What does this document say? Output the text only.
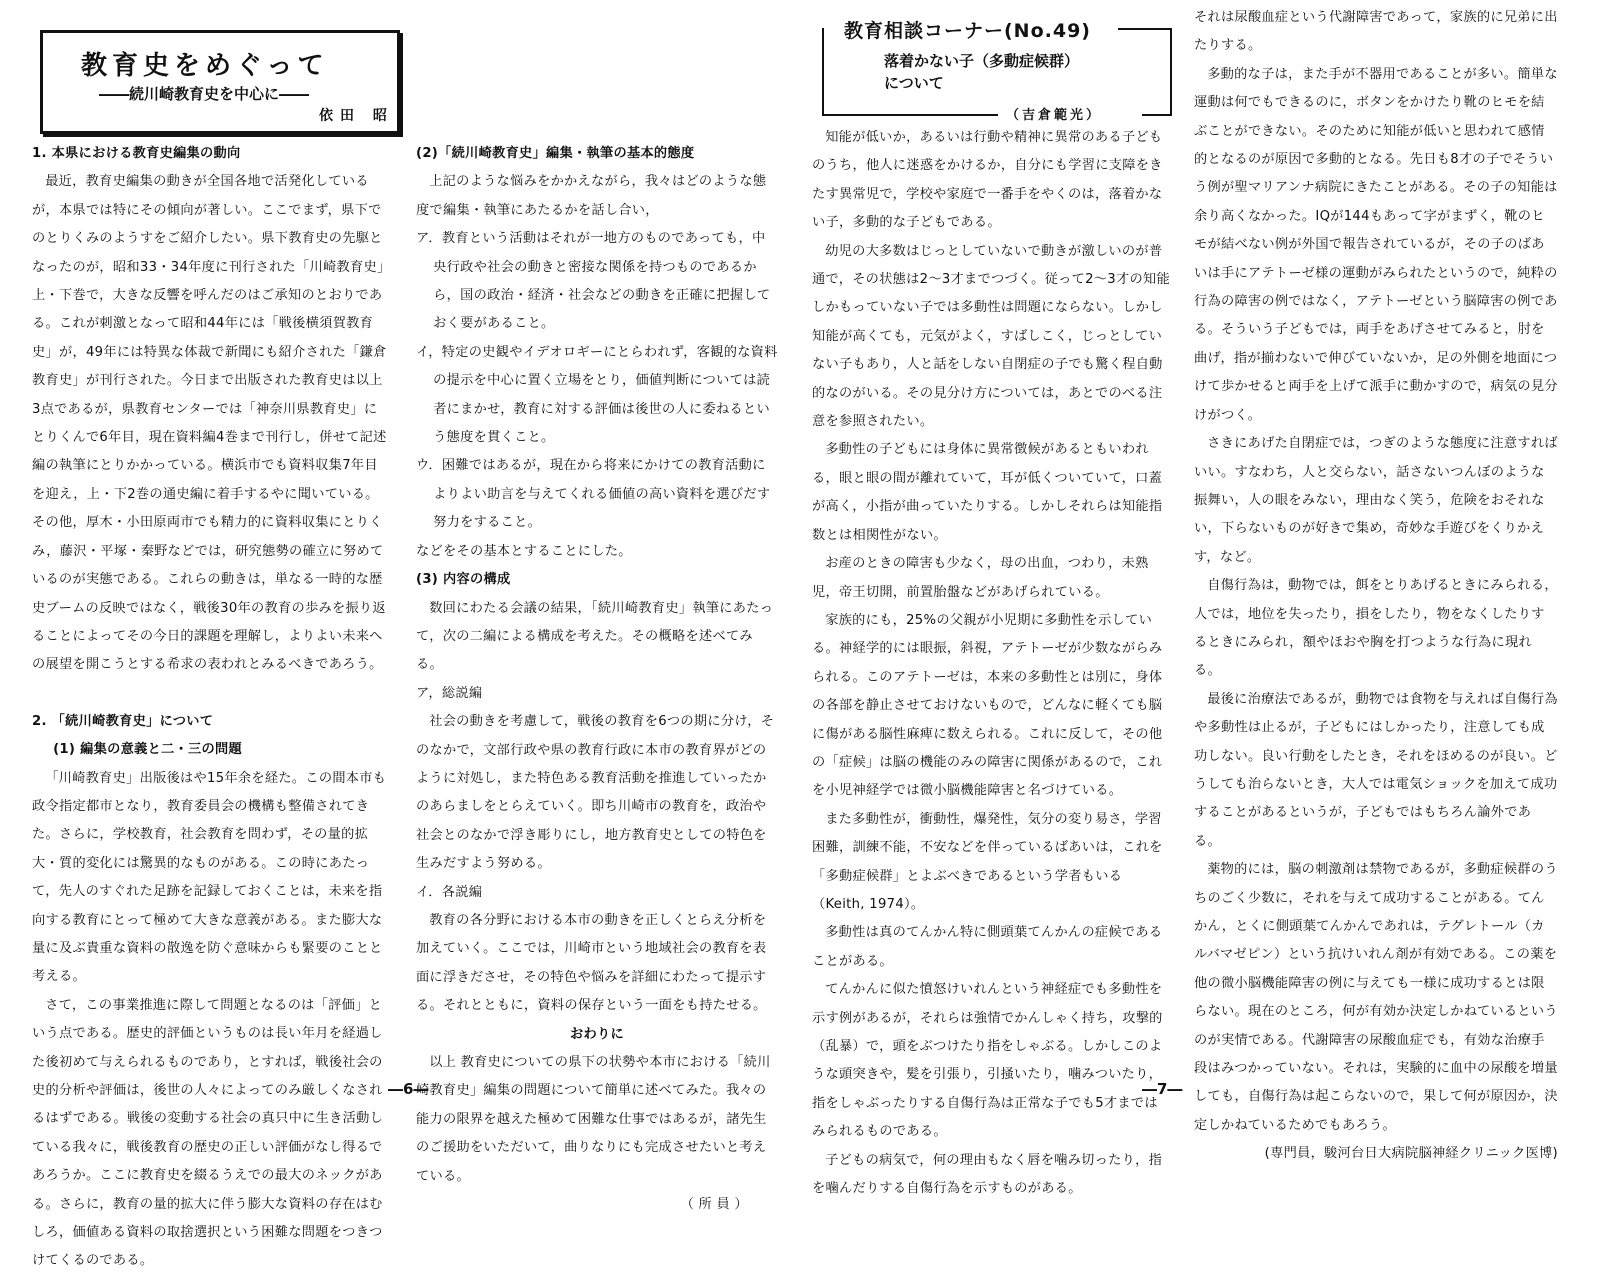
教育史をめぐって
――続川崎教育史を中心に――
依田 昭

1. 本県における教育史編集の動向

最近，教育史編集の動きが全国各地で活発化しているが，本県では特にその傾向が著しい。ここでまず，県下でのとりくみのようすをご紹介したい。県下教育史の先駆となったのが，昭和33・34年度に刊行された「川崎教育史」上・下巻で，大きな反響を呼んだのはご承知のとおりである。これが刺激となって昭和44年には「戦後横須賀教育史」が，49年には特異な体裁で新聞にも紹介された「鎌倉教育史」が刊行された。今日まで出版された教育史は以上3点であるが，県教育センターでは「神奈川県教育史」にとりくんで6年目，現在資料編4巻まで刊行し，併せて記述編の執筆にとりかかっている。横浜市でも資料収集7年目を迎え，上・下2巻の通史編に着手するやに聞いている。その他，厚木・小田原両市でも精力的に資料収集にとりくみ，藤沢・平塚・秦野などでは，研究態勢の確立に努めているのが実態である。これらの動きは，単なる一時的な歴史ブームの反映ではなく，戦後30年の教育の歩みを振り返ることによってその今日的課題を理解し，よりよい未来への展望を開こうとする希求の表われとみるべきであろう。

2. 「続川崎教育史」について

(1) 編集の意義と二・三の問題

「川崎教育史」出版後はや15年余を経た。この間本市も政令指定都市となり，教育委員会の機構も整備されてきた。さらに，学校教育，社会教育を問わず，その量的拡大・質的変化には驚異的なものがある。この時にあたって，先人のすぐれた足跡を記録しておくことは，未来を指向する教育にとって極めて大きな意義がある。また膨大な量に及ぶ貴重な資料の散逸を防ぐ意味からも緊要のことと考える。

さて，この事業推進に際して問題となるのは「評価」という点である。歴史的評価というものは長い年月を経過した後初めて与えられるものであり，とすれば，戦後社会の史的分析や評価は，後世の人々によってのみ厳しくなされるはずである。戦後の変動する社会の真只中に生き活動している我々に，戦後教育の歴史の正しい評価がなし得るであろうか。ここに教育史を綴るうえでの最大のネックがある。さらに，教育の量的拡大に伴う膨大な資料の存在はむしろ，価値ある資料の取捨選択という困難な問題をつきつけてくるのである。

(2)「続川崎教育史」編集・執筆の基本的態度

上記のような悩みをかかえながら，我々はどのような態度で編集・執筆にあたるかを話し合い，

ア．教育という活動はそれが一地方のものであっても，中央行政や社会の動きと密接な関係を持つものであるから，国の政治・経済・社会などの動きを正確に把握しておく要があること。

イ，特定の史観やイデオロギーにとらわれず，客観的な資料の提示を中心に置く立場をとり，価値判断については読者にまかせ，教育に対する評価は後世の人に委ねるという態度を貫くこと。

ウ．困難ではあるが，現在から将来にかけての教育活動によりよい助言を与えてくれる価値の高い資料を選びだす努力をすること。

などをその基本とすることにした。

(3) 内容の構成

数回にわたる会議の結果，「続川崎教育史」執筆にあたって，次の二編による構成を考えた。その概略を述べてみる。

ア，総説編

社会の動きを考慮して，戦後の教育を6つの期に分け，そのなかで，文部行政や県の教育行政に本市の教育界がどのように対処し，また特色ある教育活動を推進していったかのあらましをとらえていく。即ち川崎市の教育を，政治や社会とのなかで浮き彫りにし，地方教育史としての特色を生みだすよう努める。

イ．各説編

教育の各分野における本市の動きを正しくとらえ分析を加えていく。ここでは，川崎市という地域社会の教育を表面に浮きださせ，その特色や悩みを詳細にわたって提示する。それとともに，資料の保存という一面をも持たせる。

おわりに

以上 教育史についての県下の状勢や本市における「続川崎教育史」編集の問題について簡単に述べてみた。我々の能力の限界を越えた極めて困難な仕事ではあるが，諸先生のご援助をいただいて，曲りなりにも完成させたいと考えている。

（ 所 員 ）

―6―
教育相談コーナー(No.49)
落着かない子（多動症候群）
について
（吉倉範光）

知能が低いか，あるいは行動や精神に異常のある子どものうち，他人に迷惑をかけるか，自分にも学習に支障をきたす異常児で，学校や家庭で一番手をやくのは，落着かない子，多動的な子どもである。

幼児の大多数はじっとしていないで動きが激しいのが普通で，その状態は2～3才までつづく。従って2～3才の知能しかもっていない子では多動性は問題にならない。しかし知能が高くても，元気がよく，すばしこく，じっとしていない子もあり，人と話をしない自閉症の子でも驚く程自動的なのがいる。その見分け方については，あとでのべる注意を参照されたい。

多動性の子どもには身体に異常徴候があるともいわれる，眼と眼の間が離れていて，耳が低くついていて，口蓋が高く，小指が曲っていたりする。しかしそれらは知能指数とは相関性がない。

お産のときの障害も少なく，母の出血，つわり，未熟児，帝王切開，前置胎盤などがあげられている。

家族的にも，25%の父親が小児期に多動性を示している。神経学的には眼振，斜視，アテトーゼが少数ながらみられる。このアテトーゼは，本来の多動性とは別に，身体の各部を静止させておけないもので，どんなに軽くても脳に傷がある脳性麻痺に数えられる。これに反して，その他の「症候」は脳の機能のみの障害に関係があるので，これを小児神経学では微小脳機能障害と名づけている。

また多動性が，衝動性，爆発性，気分の変り易さ，学習困難，訓練不能，不安などを伴っているばあいは，これを「多動症候群」とよぶべきであるという学者もいる（Keith, 1974）。

多動性は真のてんかん特に側頭葉てんかんの症候であることがある。

てんかんに似た憤怒けいれんという神経症でも多動性を示す例があるが，それらは強情でかんしゃく持ち，攻撃的（乱暴）で，頭をぶつけたり指をしゃぶる。しかしこのような頭突きや，髪を引張り，引掻いたり，噛みついたり，指をしゃぶったりする自傷行為は正常な子でも5才まではみられるものである。

子どもの病気で，何の理由もなく唇を噛み切ったり，指を噛んだりする自傷行為を示すものがある。

それは尿酸血症という代謝障害であって，家族的に兄弟に出たりする。

多動的な子は，また手が不器用であることが多い。簡単な運動は何でもできるのに，ボタンをかけたり靴のヒモを結ぶことができない。そのために知能が低いと思われて感情的となるのが原因で多動的となる。先日も8才の子でそういう例が聖マリアンナ病院にきたことがある。その子の知能は余り高くなかった。IQが144もあって字がまずく，靴のヒモが結べない例が外国で報告されているが，その子のばあいは手にアテトーゼ様の運動がみられたというので，純粋の行為の障害の例ではなく，アテトーゼという脳障害の例である。そういう子どもでは，両手をあげさせてみると，肘を曲げ，指が揃わないで伸びていないか，足の外側を地面につけて歩かせると両手を上げて派手に動かすので，病気の見分けがつく。

さきにあげた自閉症では，つぎのような態度に注意すればいい。すなわち，人と交らない，話さないつんぼのような振舞い，人の眼をみない，理由なく笑う，危険をおそれない，下らないものが好きで集め，奇妙な手遊びをくりかえす，など。

自傷行為は，動物では，餌をとりあげるときにみられる，人では，地位を失ったり，損をしたり，物をなくしたりするときにみられ，額やほおや胸を打つような行為に現れる。

最後に治療法であるが，動物では食物を与えれば自傷行為や多動性は止るが，子どもにはしかったり，注意しても成功しない。良い行動をしたとき，それをほめるのが良い。どうしても治らないとき，大人では電気ショックを加えて成功することがあるというが，子どもではもちろん論外である。

薬物的には，脳の刺激剤は禁物であるが，多動症候群のうちのごく少数に，それを与えて成功することがある。てんかん，とくに側頭葉てんかんであれは，テグレトール（カルバマゼピン）という抗けいれん剤が有効である。この薬を他の微小脳機能障害の例に与えても一様に成功するとは限らない。現在のところ，何が有効か決定しかねているというのが実情である。代謝障害の尿酸血症でも，有効な治療手段はみつかっていない。それは，実験的に血中の尿酸を増量しても，自傷行為は起こらないので，果して何が原因か，決定しかねているためでもあろう。

(専門員，駿河台日大病院脳神経クリニック医博)

―7―
